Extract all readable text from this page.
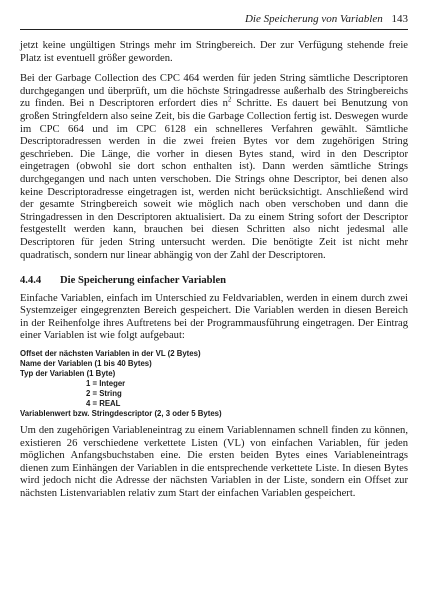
Die Speicherung von Variablen 143

jetzt keine ungültigen Strings mehr im Stringbereich. Der zur Verfügung stehende freie Platz ist eventuell größer geworden.

Bei der Garbage Collection des CPC 464 werden für jeden String sämtliche Descriptoren durchgegangen und überprüft, um die höchste Stringadresse außerhalb des Stringbereichs zu finden. Bei n Descriptoren erfordert dies $n^2$ Schritte. Es dauert bei Benutzung von großen Stringfeldern also seine Zeit, bis die Garbage Collection fertig ist. Deswegen wurde im CPC 664 und im CPC 6128 ein schnelleres Verfahren gewählt. Sämtliche Descriptoradressen werden in die zwei freien Bytes vor dem zugehörigen String geschrieben. Die Länge, die vorher in diesen Bytes stand, wird in den Descriptor eingetragen (obwohl sie dort schon enthalten ist). Dann werden sämtliche Strings durchgegangen und nach unten verschoben. Die Strings ohne Descriptor, bei denen also keine Descriptoradresse eingetragen ist, werden nicht berücksichtigt. Anschließend wird der gesamte Stringbereich soweit wie möglich nach oben verschoben und dann die Stringadressen in den Descriptoren aktualisiert. Da zu einem String sofort der Descriptor festgestellt werden kann, brauchen bei diesen Schritten also nicht jedesmal alle Descriptoren für jeden String untersucht werden. Die benötigte Zeit ist nicht mehr quadratisch, sondern nur linear abhängig von der Zahl der Descriptoren.

4.4.4 Die Speicherung einfacher Variablen

Einfache Variablen, einfach im Unterschied zu Feldvariablen, werden in einem durch zwei Systemzeiger eingegrenzten Bereich gespeichert. Die Variablen werden in diesen Bereich in der Reihenfolge ihres Auftretens bei der Programmausführung eingetragen. Der Eintrag einer Variablen ist wie folgt aufgebaut:

Offset der nächsten Variablen in der VL (2 Bytes)
Name der Variablen (1 bis 40 Bytes)
Typ der Variablen (1 Byte)
1 = Integer
2 = String
4 = REAL
Variablenwert bzw. Stringdescriptor (2, 3 oder 5 Bytes)

Um den zugehörigen Variableneintrag zu einem Variablennamen schnell finden zu können, existieren 26 verschiedene verkettete Listen (VL) von einfachen Variablen, für jeden möglichen Anfangsbuchstaben eine. Die ersten beiden Bytes eines Variableneintrags dienen zum Einhängen der Variablen in die entsprechende verkettete Liste. In diesen Bytes wird jedoch nicht die Adresse der nächsten Variablen in der Liste, sondern ein Offset zur nächsten Listenvariablen relativ zum Start der einfachen Variablen gespeichert.
